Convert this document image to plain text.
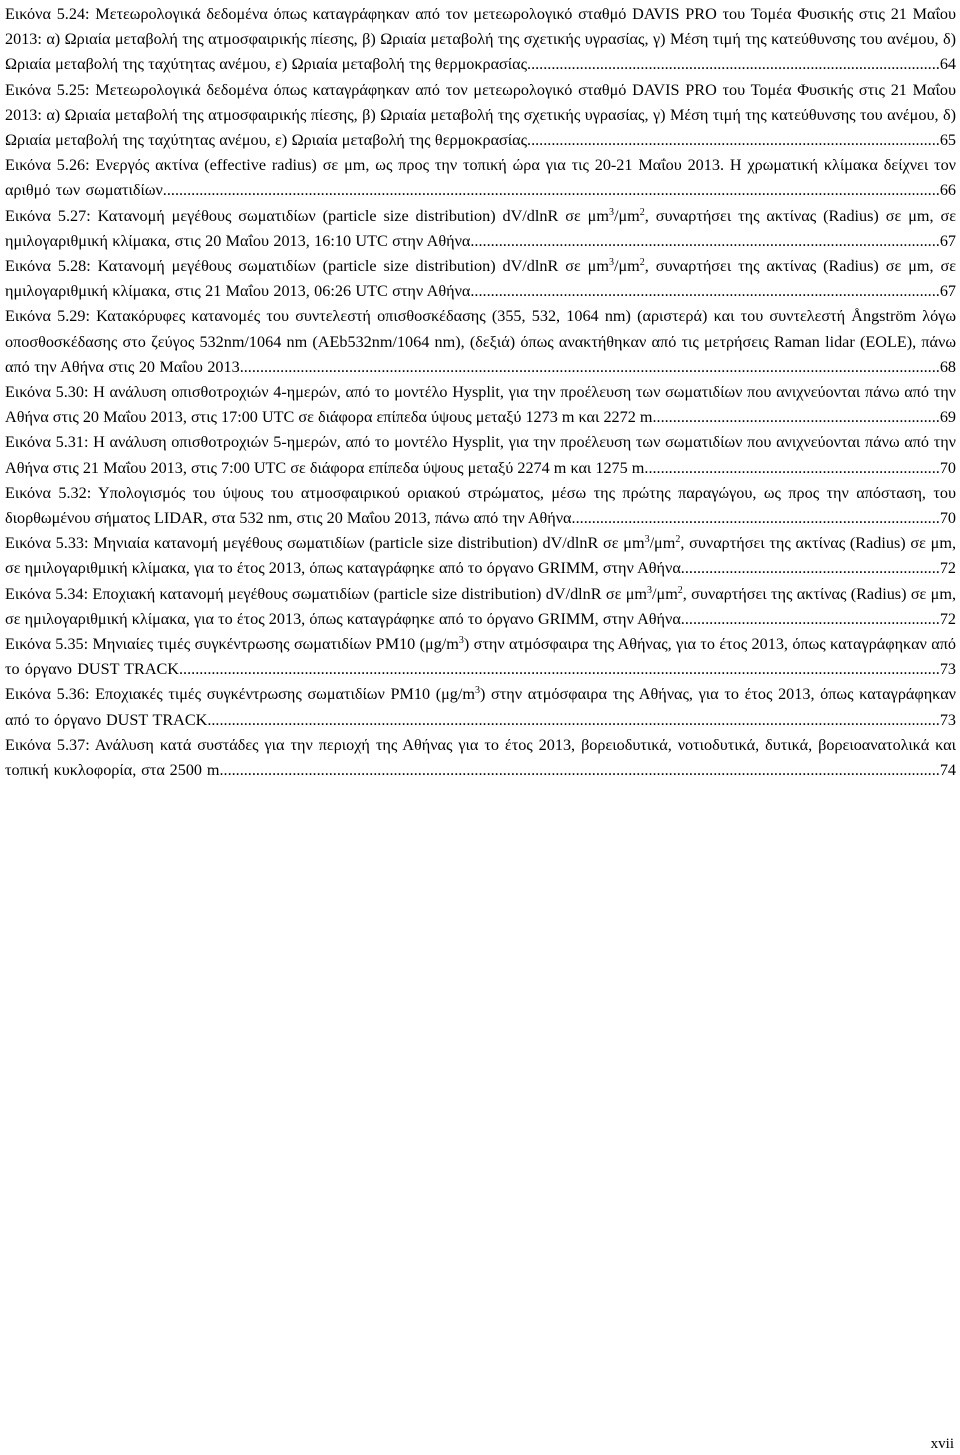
Εικόνα 5.24: Μετεωρολογικά δεδομένα όπως καταγράφηκαν από τον μετεωρολογικό σταθμό DAVIS PRO του Τομέα Φυσικής στις 21 Μαΐου 2013: α) Ωριαία μεταβολή της ατμοσφαιρικής πίεσης, β) Ωριαία μεταβολή της σχετικής υγρασίας, γ) Μέση τιμή της κατεύθυνσης του ανέμου, δ) Ωριαία μεταβολή της ταχύτητας ανέμου, ε) Ωριαία μεταβολή της θερμοκρασίας......................................................................................................64
Εικόνα 5.25: Μετεωρολογικά δεδομένα όπως καταγράφηκαν από τον μετεωρολογικό σταθμό DAVIS PRO του Τομέα Φυσικής στις 21 Μαΐου 2013: α) Ωριαία μεταβολή της ατμοσφαιρικής πίεσης, β) Ωριαία μεταβολή της σχετικής υγρασίας, γ) Μέση τιμή της κατεύθυνσης του ανέμου, δ) Ωριαία μεταβολή της ταχύτητας ανέμου, ε) Ωριαία μεταβολή της θερμοκρασίας......................................................................................................65
Εικόνα 5.26: Ενεργός ακτίνα (effective radius) σε μm, ως προς την τοπική ώρα για τις 20-21 Μαΐου 2013. Η χρωματική κλίμακα δείχνει τον αριθμό των σωματιδίων................................................................................................................................................................................................66
Εικόνα 5.27: Κατανομή μεγέθους σωματιδίων (particle size distribution) dV/dlnR σε $\mu m^3/\mu m^2$, συναρτήσει της ακτίνας (Radius) σε μm, σε ημιλογαριθμική κλίμακα, στις 20 Μαΐου 2013, 16:10 UTC στην Αθήνα....................................................................................................................67
Εικόνα 5.28: Κατανομή μεγέθους σωματιδίων (particle size distribution) dV/dlnR σε $\mu m^3/\mu m^2$, συναρτήσει της ακτίνας (Radius) σε μm, σε ημιλογαριθμική κλίμακα, στις 21 Μαΐου 2013, 06:26 UTC στην Αθήνα....................................................................................................................67
Εικόνα 5.29: Κατακόρυφες κατανομές του συντελεστή οπισθοσκέδασης (355, 532, 1064 nm) (αριστερά) και του συντελεστή Ångström λόγω οποσθοσκέδασης στο ζεύγος 532nm/1064 nm (AEb532nm/1064 nm), (δεξιά) όπως ανακτήθηκαν από τις μετρήσεις Raman lidar (EOLE), πάνω από την Αθήνα στις 20 Μαΐου 2013.............................................................................................................................................................................68
Εικόνα 5.30: Η ανάλυση οπισθοτροχιών 4-ημερών, από το μοντέλο Hysplit, για την προέλευση των σωματιδίων που ανιχνεύονται πάνω από την Αθήνα στις 20 Μαΐου 2013, στις 17:00 UTC σε διάφορα επίπεδα ύψους μεταξύ 1273 m και 2272 m.......................................................................69
Εικόνα 5.31: Η ανάλυση οπισθοτροχιών 5-ημερών, από το μοντέλο Hysplit, για την προέλευση των σωματιδίων που ανιχνεύονται πάνω από την Αθήνα στις 21 Μαΐου 2013, στις 7:00 UTC σε διάφορα επίπεδα ύψους μεταξύ 2274 m και 1275 m.........................................................................70
Εικόνα 5.32: Υπολογισμός του ύψους του ατμοσφαιρικού οριακού στρώματος, μέσω της πρώτης παραγώγου, ως προς την απόσταση, του διορθωμένου σήματος LIDAR, στα 532 nm, στις 20 Μαΐου 2013, πάνω από την Αθήνα...........................................................................................70
Εικόνα 5.33: Μηνιαία κατανομή μεγέθους σωματιδίων (particle size distribution) dV/dlnR σε $\mu m^3/\mu m^2$, συναρτήσει της ακτίνας (Radius) σε μm, σε ημιλογαριθμική κλίμακα, για το έτος 2013, όπως καταγράφηκε από το όργανο GRIMM, στην Αθήνα................................................................72
Εικόνα 5.34: Εποχιακή κατανομή μεγέθους σωματιδίων (particle size distribution) dV/dlnR σε $\mu m^3/\mu m^2$, συναρτήσει της ακτίνας (Radius) σε μm, σε ημιλογαριθμική κλίμακα, για το έτος 2013, όπως καταγράφηκε από το όργανο GRIMM, στην Αθήνα................................................................72
Εικόνα 5.35: Μηνιαίες τιμές συγκέντρωσης σωματιδίων PM10 $(\mu g/m^3)$ στην ατμόσφαιρα της Αθήνας, για το έτος 2013, όπως καταγράφηκαν από το όργανο DUST TRACK............................................................................................................................................................................................73
Εικόνα 5.36: Εποχιακές τιμές συγκέντρωσης σωματιδίων PM10 $(\mu g/m^3)$ στην ατμόσφαιρα της Αθήνας, για το έτος 2013, όπως καταγράφηκαν από το όργανο DUST TRACK.....................................................................................................................................................................................73
Εικόνα 5.37: Ανάλυση κατά συστάδες για την περιοχή της Αθήνας για το έτος 2013, βορειοδυτικά, νοτιοδυτικά, δυτικά, βορειοανατολικά και τοπική κυκλοφορία, στα 2500 m..................................................................................................................................................................................74
xvii
